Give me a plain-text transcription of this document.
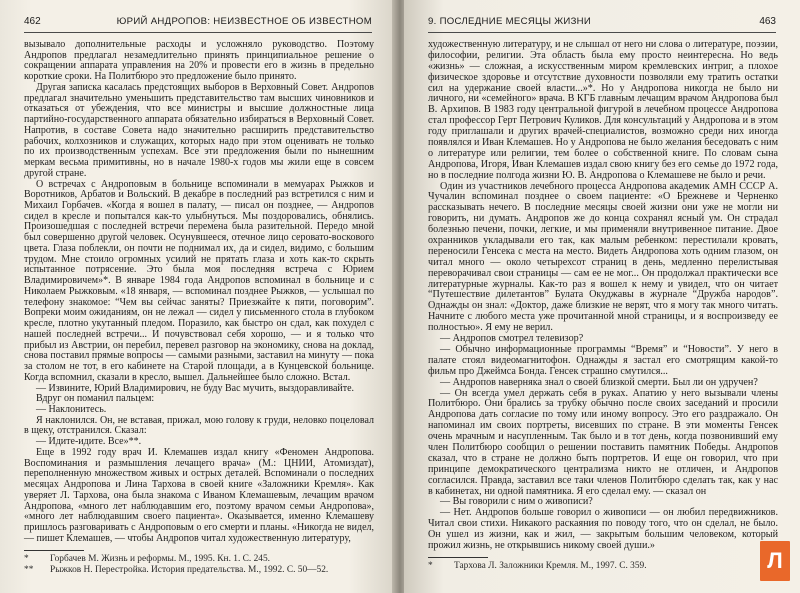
462	ЮРИЙ АНДРОПОВ: НЕИЗВЕСТНОЕ ОБ ИЗВЕСТНОМ

вызывало дополнительные расходы и усложняло руководство. Поэтому Андропов предлагал незамедлительно принять принципиальное решение о сокращении аппарата управления на 20% и провести его в жизнь в предельно короткие сроки. На Политбюро это предложение было принято.

Другая записка касалась предстоящих выборов в Верховный Совет. Андропов предлагал значительно уменьшить представительство там высших чиновников и отказаться от убеждения, что все министры и высшие должностные лица партийно-государственного аппарата обязательно избираться в Верховный Совет. Напротив, в составе Совета надо значительно расширить представительство рабочих, колхозников и служащих, которых надо при этом оценивать не только по их производственным успехам. Все эти предложения были по нынешним меркам весьма примитивны, но в начале 1980-х годов мы жили еще в совсем другой стране.

О встречах с Андроповым в больнице вспоминали в мемуарах Рыжков и Воротников, Арбатов и Вольский. В декабре в последний раз встретился с ним и Михаил Горбачев. «Когда я вошел в палату, — писал он позднее, — Андропов сидел в кресле и попытался как-то улыбнуться. Мы поздоровались, обнялись. Произошедшая с последней встречи перемена была разительной. Передо мной был совершенно другой человек. Осунувшееся, отечное лицо серовато-воскового цвета. Глаза поблекли, он почти не поднимал их, да и сидел, видимо, с большим трудом. Мне стоило огромных усилий не прятать глаза и хоть как-то скрыть испытанное потрясение. Это была моя последняя встреча с Юрием Владимировичем»*. В январе 1984 года Андропов вспоминал в больнице и с Николаем Рыжковым. «18 января, — вспоминал позднее Рыжков, — услышал по телефону знакомое: “Чем вы сейчас заняты? Приезжайте к пяти, поговорим”. Вопреки моим ожиданиям, он не лежал — сидел у письменного стола в глубоком кресле, плотно укутанный пледом. Поразило, как быстро он сдал, как похудел с нашей последней встречи... И почувствовал себя хорошо, — и я только что прибыл из Австрии, он перебил, перевел разговор на экономику, снова на доклад, снова поставил прямые вопросы — самыми разными, заставил на минуту — пока за столом не тот, в его кабинете на Старой площади, а в Кунцевской больнице. Когда вспомнил, сказали в кресло, вышел. Дальнейшее было сложно. Встал.

— Извините, Юрий Владимирович, не буду Вас мучить, выздоравливайте.

Вдруг он поманил пальцем:

— Наклонитесь.

Я наклонился. Он, не вставая, прижал, мою голову к груди, неловко поцеловал в щеку, отстранился. Сказал:

— Идите-идите. Все»**.

Еще в 1992 году врач И. Клемашев издал книгу «Феномен Андропова. Воспоминания и размышления лечащего врача» (М.: ЦНИИ, Атомиздат), переполненную множеством живых и острых деталей. Вспоминали о последних месяцах Андропова и Лина Тархова в своей книге «Заложники Кремля». Как уверяет Л. Тархова, она была знакома с Иваном Клемашевым, лечащим врачом Андропова, «много лет наблюдавшим его, поэтому врачом семьи Андропова», «много лет наблюдавшим своего пациента». Оказывается, именно Клемашеву пришлось разговаривать с Андроповым о его смерти и планы. «Никогда не видел, — пишет Клемашев, — чтобы Андропов читал художественную литературу,

*	Горбачев М. Жизнь и реформы. М., 1995. Кн. 1. С. 245.
**	Рыжков Н. Перестройка. История предательства. М., 1992. С. 50—52.
9. ПОСЛЕДНИЕ МЕСЯЦЫ ЖИЗНИ	463

художественную литературу, и не слышал от него ни слова о литературе, поэзии, философии, религии. Эта область была ему просто неинтересна. Но ведь «жизнь» — сложная, а искусственным миром кремлевских интриг, а плохое физическое здоровье и отсутствие духовности позволяли ему тратить остатки сил на удержание своей власти...»*. Но у Андропова никогда не было ни личного, ни «семейного» врача. В КГБ главным лечащим врачом Андропова был В. Архипов. В 1983 году центральной фигурой в лечебном процессе Андропова стал профессор Герт Петрович Куликов. Для консультаций у Андропова и в этом году приглашали и других врачей-специалистов, возможно среди них иногда появлялся и Иван Клемашев. Но у Андропова не было желания беседовать с ним о литературе или религии, тем более о собственной книге. По словам сына Андропова, Игоря, Иван Клемашев издал свою книгу без его семье до 1972 года, но в последние полгода жизни Ю. В. Андропова о Клемашеве не было и речи.

Один из участников лечебного процесса Андропова академик АМН СССР А. Чучалин вспоминал позднее о своем пациенте: «О Брежневе и Черненко рассказывать нечего. В последние месяцы своей жизни они уже не могли ни говорить, ни думать. Андропов же до конца сохранял ясный ум. Он страдал болезнью печени, почки, легкие, и мы применяли внутривенное питание. Двое охранников укладывали его так, как малым ребенком: перестилали кровать, переносили Генсека с места на место. Видеть Андропова хоть одним глазом, он читал много — около четырехсот страниц в день, медленно перелистывая переворачивал свои страницы — сам ее не мог... Он продолжал практически все литературные журналы. Как-то раз я вошел к нему и увидел, что он читает “Путешествие дилетантов” Булата Окуджавы в журнале “Дружба народов”. Однажды он знал: «Доктор, даже близкие не верят, что я могу так много читать. Начните с любого места уже прочитанной мной страницы, и я воспроизведу ее полностью». Я ему не верил.

— Андропов смотрел телевизор?

— Обычно информационные программы “Время” и “Новости”. У него в палате стоял видеомагнитофон. Однажды я застал его смотрящим какой-то фильм про Джеймса Бонда. Генсек страшно смутился...

— Андропов наверняка знал о своей близкой смерти. Был ли он удручен?

— Он всегда умел держать себя в руках. Апатию у него вызывали члены Политбюро. Они брались за трубку обычно после своих заседаний и просили Андропова дать согласие по тому или иному вопросу. Это его раздражало. Он напоминал им своих портреты, висевших по стране. В эти моменты Генсек очень мрачным и насупленным. Так было и в тот день, когда позвонивший ему член Политбюро сообщил о решении поставить памятник Победы. Андропов сказал, что в стране не должно быть портретов. И еще он говорил, что при принципе демократического централизма никто не отличен, и Андропов согласился. Правда, заставил все таки членов Политбюро сделать так, как у нас в кабинетах, ни одной памятника. Я его сделал ему. — сказал он

— Вы говорили с ним о живописи?

— Нет. Андропов больше говорил о живописи — он любил передвижников. Читал свои стихи. Никакого раскаяния по поводу того, что он сделал, не было. Он ушел из жизни, как и жил, — закрытым большим человеком, который прожил жизнь, не открывшись никому своей души.»

*	Тархова Л. Заложники Кремля. М., 1997. С. 359.	Л
